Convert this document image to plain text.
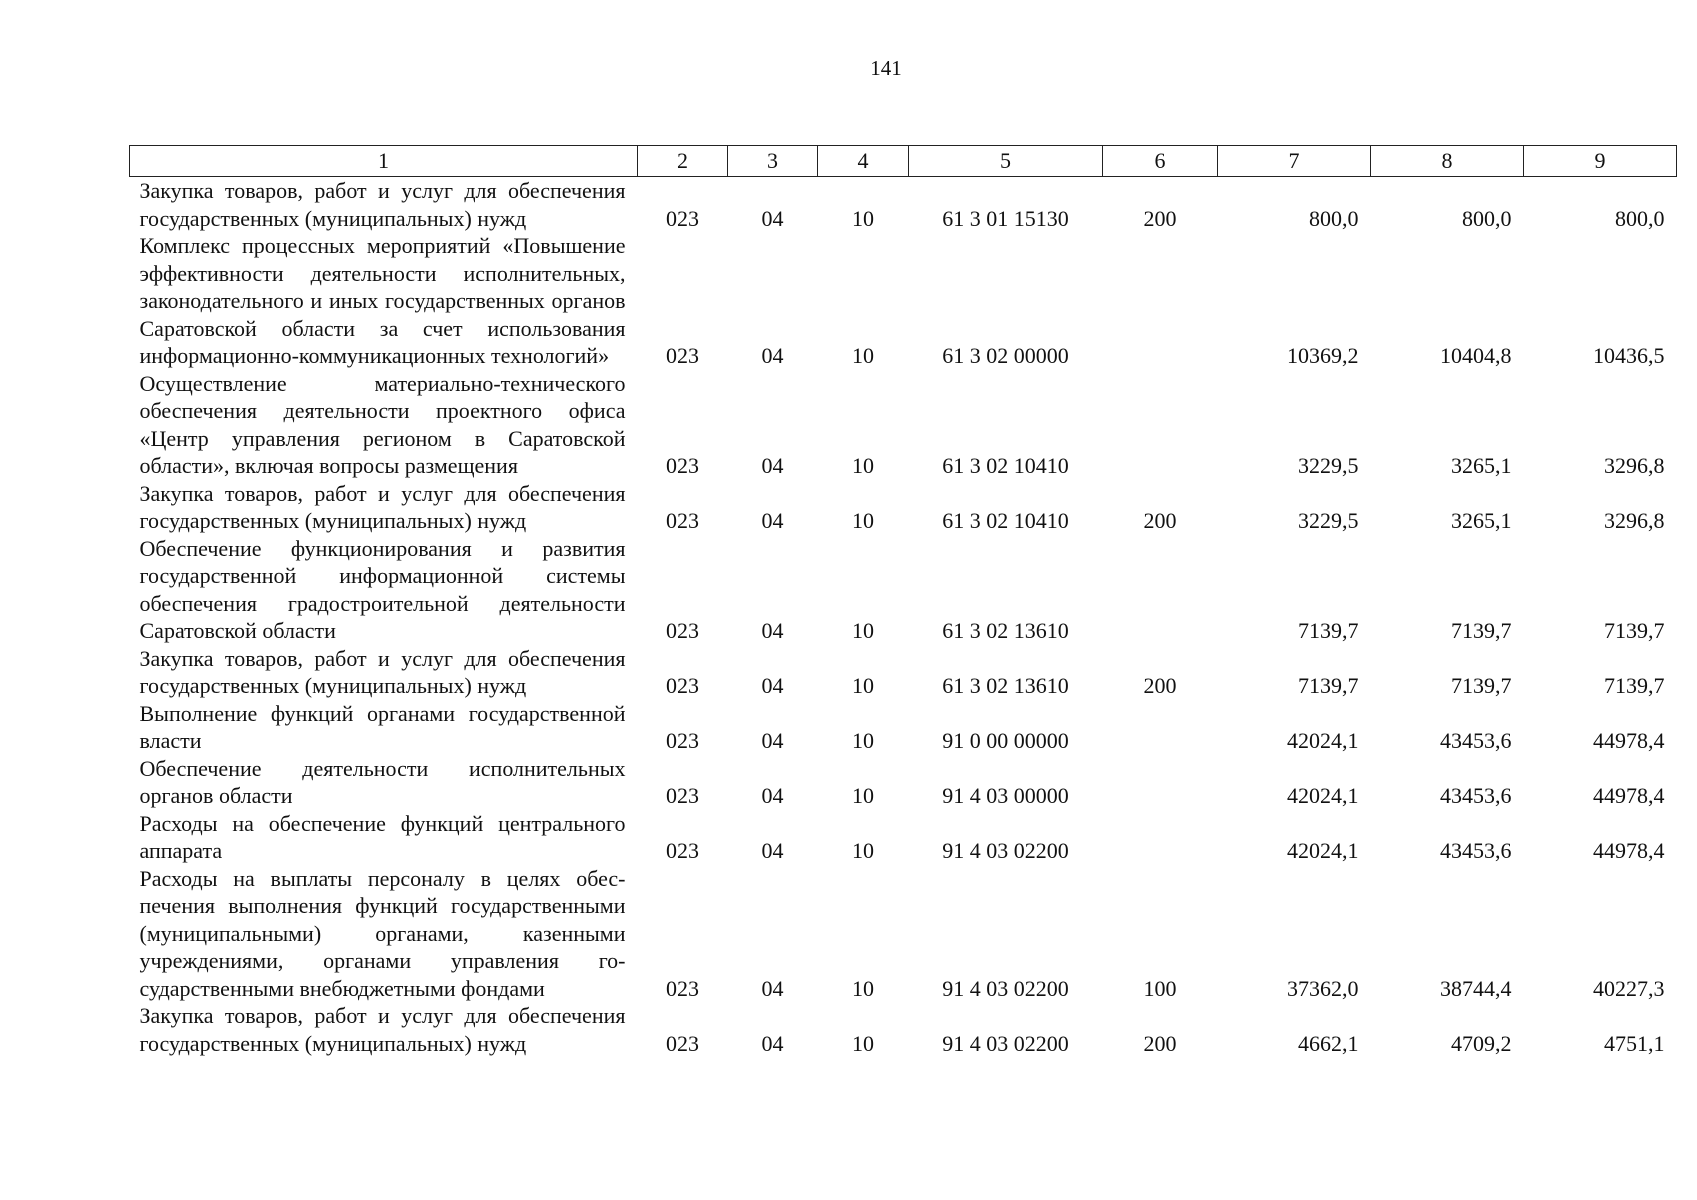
141
1	2	3	4	5	6	7	8	9
Закупка товаров, работ и услуг для обеспечения государственных (муниципальных) нужд	023	04	10	61 3 01 15130	200	800,0	800,0	800,0
Комплекс процессных мероприятий «Повышение эффективности деятельности исполнительных, законодательного и иных государственных органов Саратовской области за счет использования информационно-коммуникационных технологий»	023	04	10	61 3 02 00000		10369,2	10404,8	10436,5
Осуществление материально-технического обеспечения деятельности проектного офиса «Центр управления регионом в Саратовской области», включая вопросы размещения	023	04	10	61 3 02 10410		3229,5	3265,1	3296,8
Закупка товаров, работ и услуг для обеспечения государственных (муниципальных) нужд	023	04	10	61 3 02 10410	200	3229,5	3265,1	3296,8
Обеспечение функционирования и развития государственной информационной системы обеспечения градостроительной деятельности Саратовской области	023	04	10	61 3 02 13610		7139,7	7139,7	7139,7
Закупка товаров, работ и услуг для обеспечения государственных (муниципальных) нужд	023	04	10	61 3 02 13610	200	7139,7	7139,7	7139,7
Выполнение функций органами государственной власти	023	04	10	91 0 00 00000		42024,1	43453,6	44978,4
Обеспечение деятельности исполнительных органов области	023	04	10	91 4 03 00000		42024,1	43453,6	44978,4
Расходы на обеспечение функций центрального аппарата	023	04	10	91 4 03 02200		42024,1	43453,6	44978,4
Расходы на выплаты персоналу в целях обеспечения выполнения функций государственными (муниципальными) органами, казенными учреждениями, органами управления государственными внебюджетными фондами	023	04	10	91 4 03 02200	100	37362,0	38744,4	40227,3
Закупка товаров, работ и услуг для обеспечения государственных (муниципальных) нужд	023	04	10	91 4 03 02200	200	4662,1	4709,2	4751,1
